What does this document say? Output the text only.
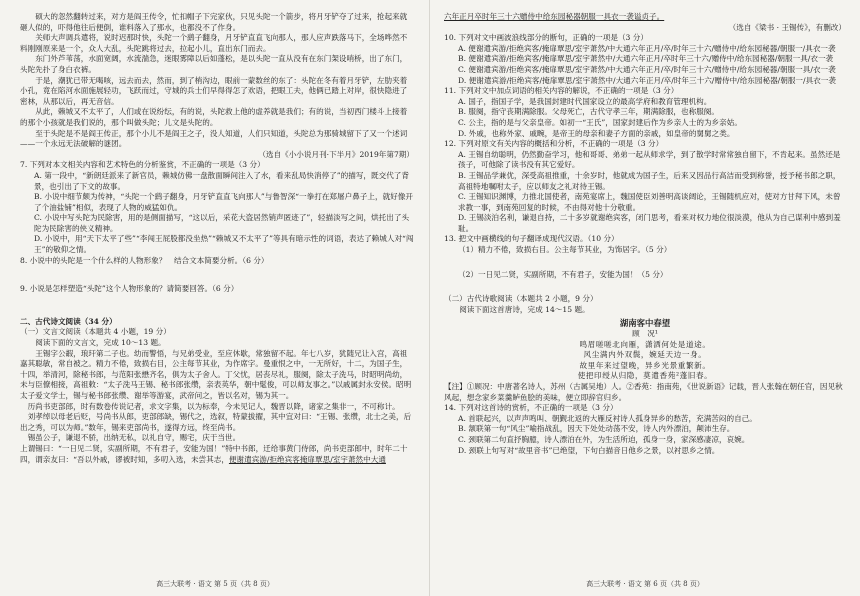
硕大的忽然翻转过来，对方是阎王传令，忙扣帽子下完家伙，只见头陀一个箭步，将月牙铲夺了过来，抢起来就砸人似的，吓得他往后便倒，谁料落入了那水，也都没不了作身。

关师大声调兵遣将，说时迟那时快，头陀一个鹞子翻身，月牙铲直直飞向那人，那人应声跌落马下，全场哗然不料刚刚原来是一个，众人大乱，头陀跳将过去，拉起小儿，直出东门而去。

东门外芦苇荡，水面宽阔，水流湍急，迷眼雾障以后如蓬松，是以头陀一直从没有在东门架设哨桥，出了东门，头陀先扑了身白衣裤。

于是，潮犹已带无喝咳，远去而去，然而，到了梢沟边，眼前一蒙数丝的东了：头陀在冬有着月牙铲，左肋夹着小孔，竟在陷河水面施展轻功，飞跃而过，守城的兵士们早得得怎了欢语，把眼工夫，他俩已踏上对岸，很快隐进了密林，从那以后，再无音信。

从此，赖城又不太平了，人们或在说纷纭，有的说，头陀救上他的虚养就是我们；有的说，当初西门楼斗上接着的那个小孩就是我们说的，那个叫做头陀；儿文是头陀的。

至于头陀是不是阎王传正，那个小儿不是阎王之子，没人知道，人们只知道，头陀总为那骑城留下了又一个述词——一个永远无法破解的谜团。

（选自《小小说月刊·下半月》2019年第7期）

7. 下列对本文相关内容和艺术特色的分析鉴赏，不正确的一项是（3 分）

A. 第一段中，“新朗廷派来了新官员，赖城仿佛一盘散面瞬间注入了水，看来乱局快消停了”的描写，既交代了背景，也引出了下文的故事。

B. 小说中细节颇为传神，“头陀一个鹞子翻身，月牙铲直直飞向那人”与鲁智深“一拳打在郑屠户鼻子上，就好像开了个油盐铺”相似，表现了人物的威猛如仇。

C. 小说中写头陀为民除害，用的是侧面描写，“这以后，采花大盗居然销声匿迹了”，轻描淡写之间，烘托出了头陀为民除害的侠义精神。

D. 小说中，用“天下太平了些”“李闯王屁股都没坐热”“赖城又不太平了”等具有暗示性的词语，表达了赖城人对“闯王”的敬仰之情。

8. 小说中的头陀是一个什么样的人物形象？　结合文本简要分析。（6 分）

9. 小说是怎样塑造“头陀”这个人物形象的？请简要回答。（6 分）

二、古代诗文阅读（34 分）

（一）文言文阅读（本题共 4 小题，19 分）

阅读下面的文言文，完成 10～13 题。

王锡字公嘏，琅玕第二子也。幼而警悟，与兄弟受业，至应休歇，常独留不起。年七八岁，犹随兄让入宫，高祖嘉其聪敏，常自被之。精力不倦，致损右目，公主每节其业，为作席字。曼重恨之中，一无所好，十二，为国子生，十四，举清河，除秘书郎，与范阳张懋齐名，俱为太子舍人。丁父忧，居丧尽礼，服阕，除太子洗马，时昭明尚幼，未与臣僚相接，高祖敕：“太子洗马王锡、秘书郎张缵，亲表英华，朝中髦俊，可以师友事之。”以戚属封永安侯。昭明太子爱文学士，锡与秘书郎张缵、谢举等游宴，武帝问之，皆以名对，锡为其一。

　历尚书吏部郎，时有数卷传说记者，求文字集，以为标奉，今未见记人，魏晋以降，诸家之集非一，不可称计。

　刘孝绰以母老后贬，号尚书从郎，吏部郎缺，锡代之，选叙，特蒙拔擢，其中宜对曰：“王锡、张缵，北士之美，后出之秀，可以为师。”数年，锡来吏部尚书，遂得方远，终至尚书。

　锡虽公子，谦退不骄，出纳无私，以礼自守，赐宅，庆于当世。

上谓锡曰：“一日见二贤，实副所期，不有君子，安能为国！”特中书郎，迁给事黄门侍郎，尚书吏部郎中，时年二十四，谓亲友曰：“吾以外戚，谬被时知，多叨入选，未尝其志，便谢遣宾游/拒绝宾客掩扉覃思/室宇萧然中大通

高三大联考 · 语文 第 5 页（共 8 页）

六年正月卒时年三十六赠侍中给东园秘器朝服一具衣一袭谥贞子。

（选自《梁书 · 王锡传》，有删改）

10. 下列对文中画波浪线部分的断句，正确的一项是（3 分）

A. 便谢遣宾游/拒绝宾客/掩扉覃思/室宇萧然/中大通六年正月/卒/时年三十六/赠侍中/给东园秘器/朝服一/具衣一袭

B. 便谢遣宾游/拒绝宾客/掩扉覃思/室宇萧然中/大通六年正月/卒时年三十六/赠侍中/给东园秘器/朝服一具/衣一袭

C. 便谢遣宾游/拒绝宾客/掩扉覃思/室宇萧然/中大通六年正月/卒/时年三十六/赠侍中/给东园秘器/朝服一具/衣一袭

D. 便谢遣宾游/拒绝宾客/掩扉覃思/室宇萧然中/大通六年正月/卒/时年三十六/赠侍中/给东园秘器/朝服一/具衣一袭

11. 下列对文中加点词语的相关内容的解说，不正确的一项是（3 分）

A. 国子，指国子学，是我国封建时代国家设立的最高学府和教育管理机构。

B. 服阕，指守丧期满除服。父母死亡，古代守孝三年，期满除服，也称服阕。

C. 公主，指的是与父亲皇帝。如初一“王氏”，国家封建后作为乡亲人士的为乡亲姑。

D. 外戚，也称外家、戚畹，是帝王的母亲和妻子方面的亲戚，如皇帝的舅舅之类。

12. 下列对原文有关内容的概括和分析，不正确的一项是（3 分）

A. 王锡自幼聪明，仍然勤奋学习，他和哥哥、弟弟一起从师求学，到了散学时常常独自留下，不肯起来。虽然还是孩子，可他除了读书没有其它爱好。

B. 王锡品学兼优，深受高祖推重，十余岁时，他就成为国子生，后来又因品行高洁而受到称誉，授予秘书郎之职，高祖特地嘱咐太子，应以师友之礼对待王锡。

C. 王锡知识渊博，力推北国使者，南苑宴席上，魏国使臣刘善明高谈阔论，王锡随机应对，使对方甘拜下风，未曾求教一事，到南苑回复的时候，不由得对他十分敬重。

D. 王锡淡泊名利，谦退自持，二十多岁就谢绝宾客，闭门思考，看来对权力地位很淡漠，他从为自己谋利中感到羞耻。

13. 把文中画横线的句子翻译成现代汉语。（10 分）

（1）精力不倦，致损右目。公主每节其业，为饰居字。（5 分）

（2）一日见二贤，实副所期，不有君子，安能为国！（5 分）

（二）古代诗歌阅读（本题共 2 小题，9 分）

阅读下面这首唐诗，完成 14～15 题。

湖南客中春望

顾　况¹

鸣眉嗟嗟北向雁，潇洒何处是道途。

风尘满内外双鬓，婉延天边一身。

故里年来过望晚，异乡光景重繁新。

使把印绶从归隐，莫遣香苑²蓬旧春。

【注】①顾况：中唐著名诗人，苏州（古属吴地）人。②香苑：指南苑，《世说新语》记载，晋人张翰在朝任官，因见秋风起，想念家乡菜羹鲈鱼脍的美味，便立即辞官归乡。

14. 下列对这首诗的赏析，不正确的一项是（3 分）

A. 首联起兴，以声声鸣叫、朝觐北返的大雁反衬诗人孤身异乡的愁苦，充满苦闷的自己。

B. 颔联第一句“风尘”喻指战乱，因天下处处动荡不安，诗人内外漂泊，颠沛生存。

C. 颈联第二句直抒胸臆，诗人漂泊在外，为生活所迫，孤身一身，家深感凄凉，哀婉。

D. 颈联上句写对“故里音书”已绝望，下句白描音日他乡之景，以衬思乡之情。

高三大联考 · 语文 第 6 页（共 8 页）
